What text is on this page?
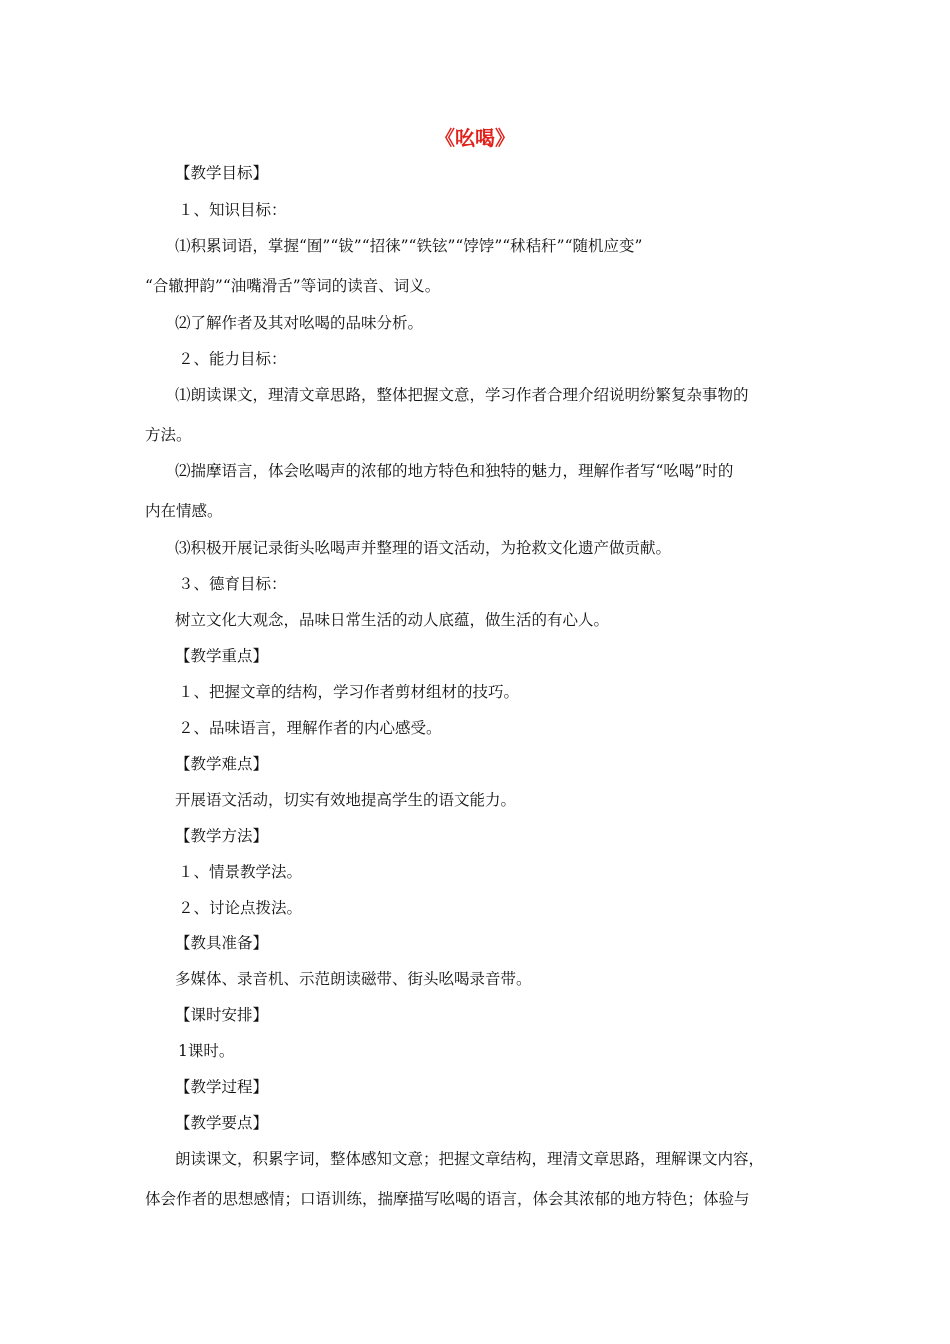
《吆喝》
【教学目标】
１、知识目标：
⑴积累词语，掌握“囿”“钹”“招徕”“铁铉”“饽饽”“秫秸秆”“随机应变”
“合辙押韵”“油嘴滑舌”等词的读音、词义。
⑵了解作者及其对吆喝的品味分析。
２、能力目标：
⑴朗读课文，理清文章思路，整体把握文意，学习作者合理介绍说明纷繁复杂事物的
方法。
⑵揣摩语言，体会吆喝声的浓郁的地方特色和独特的魅力，理解作者写“吆喝”时的
内在情感。
⑶积极开展记录街头吆喝声并整理的语文活动，为抢救文化遗产做贡献。
３、德育目标：
树立文化大观念，品味日常生活的动人底蕴，做生活的有心人。
【教学重点】
１、把握文章的结构，学习作者剪材组材的技巧。
２、品味语言，理解作者的内心感受。
【教学难点】
开展语文活动，切实有效地提高学生的语文能力。
【教学方法】
１、情景教学法。
２、讨论点拨法。
【教具准备】
多媒体、录音机、示范朗读磁带、街头吆喝录音带。
【课时安排】
1课时。
【教学过程】
【教学要点】
朗读课文，积累字词，整体感知文意；把握文章结构，理清文章思路，理解课文内容，
体会作者的思想感情；口语训练，揣摩描写吆喝的语言，体会其浓郁的地方特色；体验与
